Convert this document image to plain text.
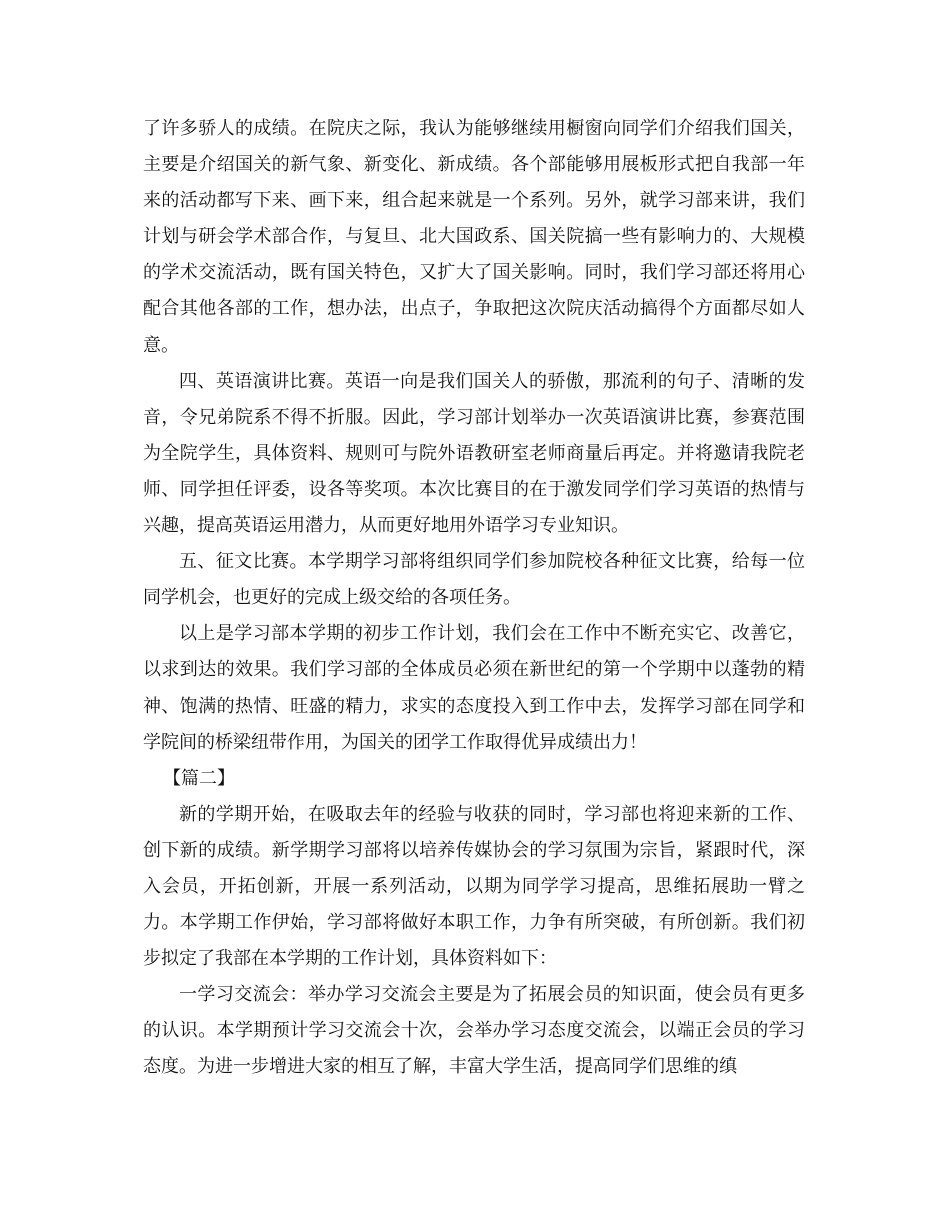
了许多骄人的成绩。在院庆之际，我认为能够继续用橱窗向同学们介绍我们国关，主要是介绍国关的新气象、新变化、新成绩。各个部能够用展板形式把自我部一年来的活动都写下来、画下来，组合起来就是一个系列。另外，就学习部来讲，我们计划与研会学术部合作，与复旦、北大国政系、国关院搞一些有影响力的、大规模的学术交流活动，既有国关特色，又扩大了国关影响。同时，我们学习部还将用心配合其他各部的工作，想办法，出点子，争取把这次院庆活动搞得个方面都尽如人意。

四、英语演讲比赛。英语一向是我们国关人的骄傲，那流利的句子、清晰的发音，令兄弟院系不得不折服。因此，学习部计划举办一次英语演讲比赛，参赛范围为全院学生，具体资料、规则可与院外语教研室老师商量后再定。并将邀请我院老师、同学担任评委，设各等奖项。本次比赛目的在于激发同学们学习英语的热情与兴趣，提高英语运用潜力，从而更好地用外语学习专业知识。

五、征文比赛。本学期学习部将组织同学们参加院校各种征文比赛，给每一位同学机会，也更好的完成上级交给的各项任务。

以上是学习部本学期的初步工作计划，我们会在工作中不断充实它、改善它，以求到达的效果。我们学习部的全体成员必须在新世纪的第一个学期中以蓬勃的精神、饱满的热情、旺盛的精力，求实的态度投入到工作中去，发挥学习部在同学和学院间的桥梁纽带作用，为国关的团学工作取得优异成绩出力！

【篇二】

新的学期开始，在吸取去年的经验与收获的同时，学习部也将迎来新的工作、创下新的成绩。新学期学习部将以培养传媒协会的学习氛围为宗旨，紧跟时代，深入会员，开拓创新，开展一系列活动，以期为同学学习提高，思维拓展助一臂之力。本学期工作伊始，学习部将做好本职工作，力争有所突破，有所创新。我们初步拟定了我部在本学期的工作计划，具体资料如下：

一学习交流会：举办学习交流会主要是为了拓展会员的知识面，使会员有更多的认识。本学期预计学习交流会十次，会举办学习态度交流会，以端正会员的学习态度。为进一步增进大家的相互了解，丰富大学生活，提高同学们思维的缜
